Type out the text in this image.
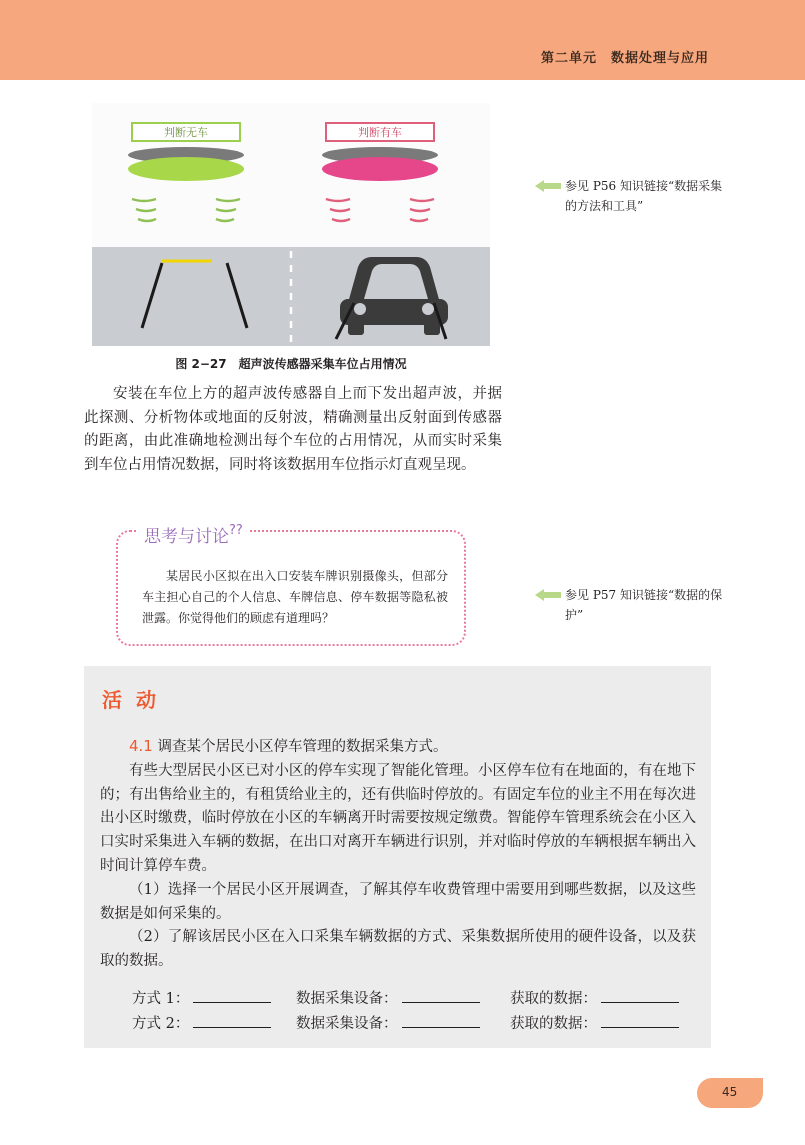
第二单元　数据处理与应用
判断无车	判断有车
图 2−27　超声波传感器采集车位占用情况
参见 P56 知识链接“数据采集的方法和工具”
参见 P57 知识链接“数据的保护”
安装在车位上方的超声波传感器自上而下发出超声波，并据此探测、分析物体或地面的反射波，精确测量出反射面到传感器的距离，由此准确地检测出每个车位的占用情况，从而实时采集到车位占用情况数据，同时将该数据用车位指示灯直观呈现。
思考与讨论??
某居民小区拟在出入口安装车牌识别摄像头，但部分车主担心自己的个人信息、车牌信息、停车数据等隐私被泄露。你觉得他们的顾虑有道理吗？
活动

4.1 调查某个居民小区停车管理的数据采集方式。

有些大型居民小区已对小区的停车实现了智能化管理。小区停车位有在地面的，有在地下的；有出售给业主的，有租赁给业主的，还有供临时停放的。有固定车位的业主不用在每次进出小区时缴费，临时停放在小区的车辆离开时需要按规定缴费。智能停车管理系统会在小区入口实时采集进入车辆的数据，在出口对离开车辆进行识别，并对临时停放的车辆根据车辆出入时间计算停车费。

（1）选择一个居民小区开展调查，了解其停车收费管理中需要用到哪些数据，以及这些数据是如何采集的。

（2）了解该居民小区在入口采集车辆数据的方式、采集数据所使用的硬件设备，以及获取的数据。

方式 1：	数据采集设备：	获取的数据：
方式 2：	数据采集设备：	获取的数据：
45
